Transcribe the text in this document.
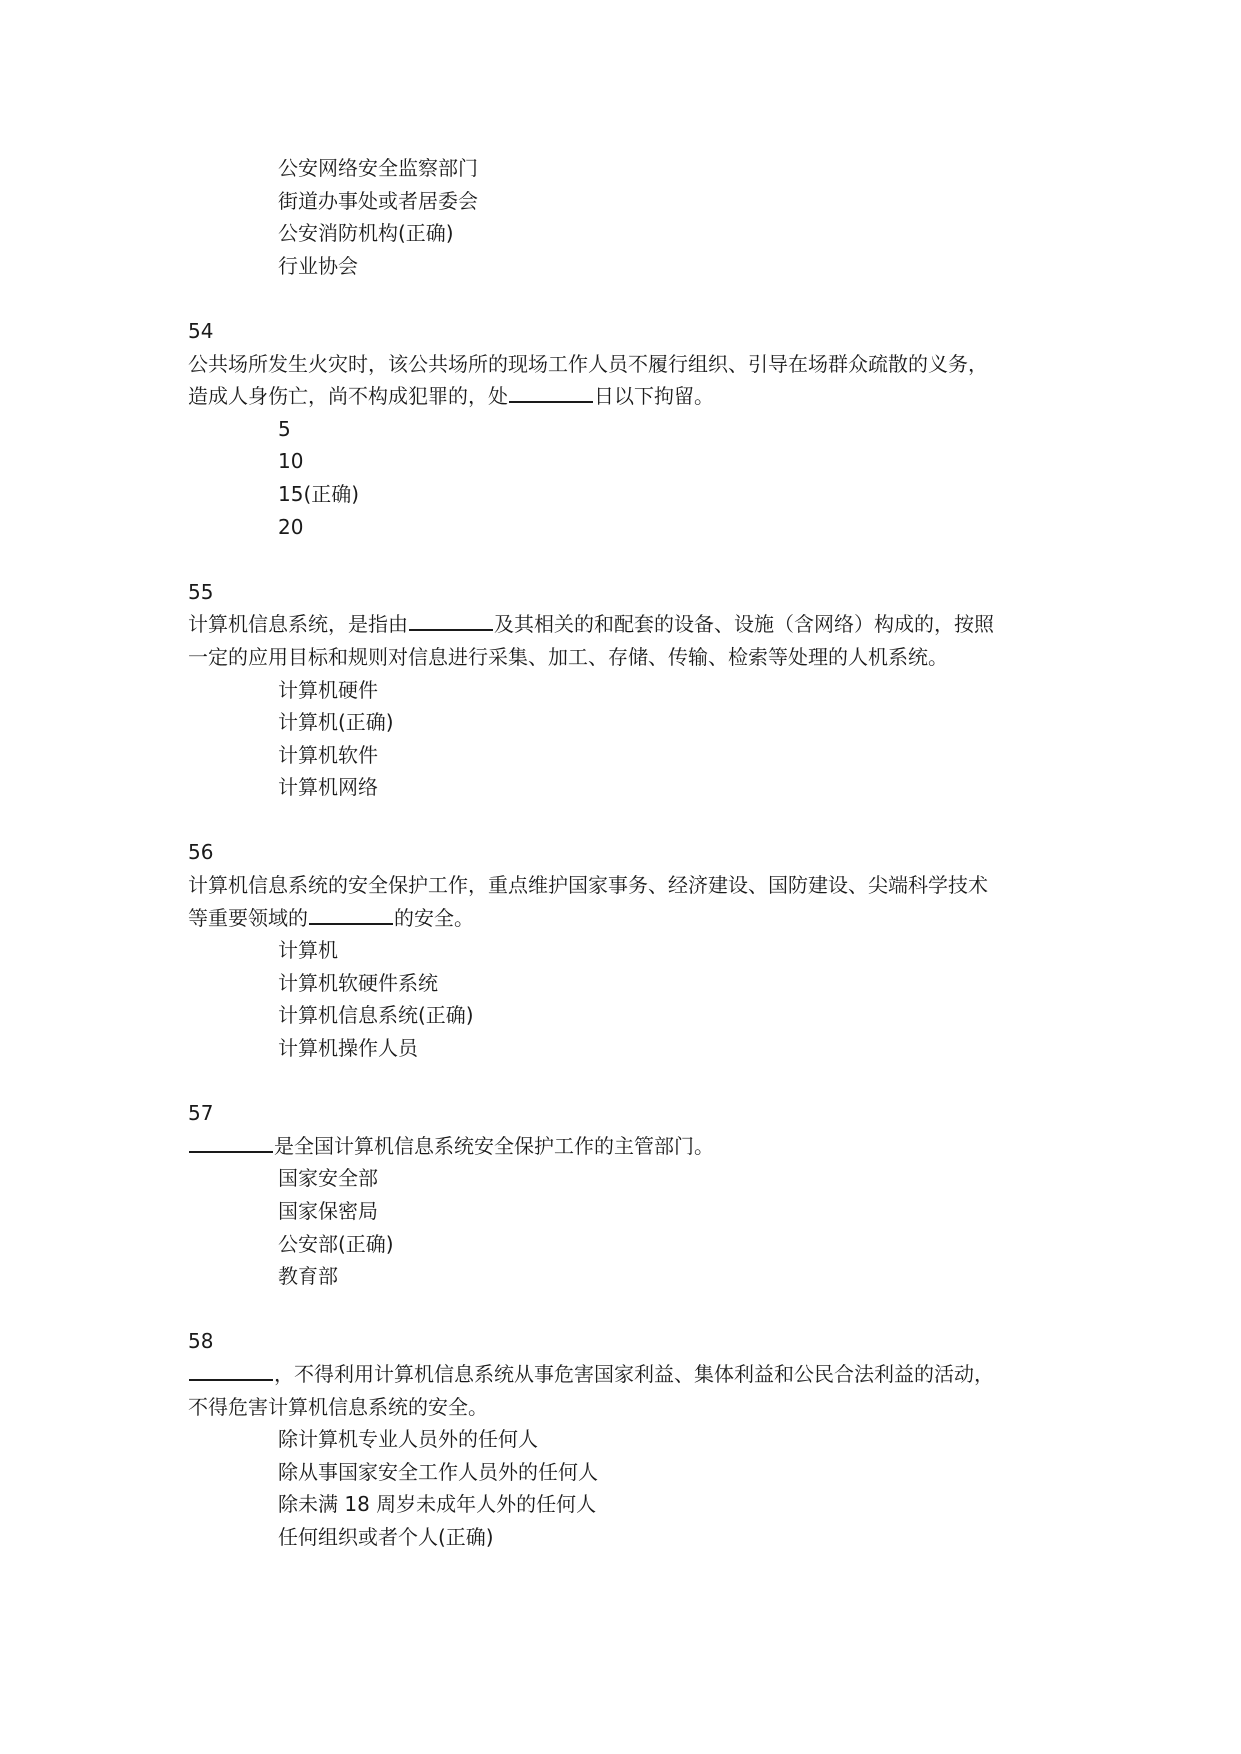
公安网络安全监察部门
街道办事处或者居委会
公安消防机构(正确)
行业协会
54
公共场所发生火灾时，该公共场所的现场工作人员不履行组织、引导在场群众疏散的义务，
造成人身伤亡，尚不构成犯罪的，处	日以下拘留。
5
10
15(正确)
20
55
计算机信息系统，是指由	及其相关的和配套的设备、设施（含网络）构成的，按照
一定的应用目标和规则对信息进行采集、加工、存储、传输、检索等处理的人机系统。
计算机硬件
计算机(正确)
计算机软件
计算机网络
56
计算机信息系统的安全保护工作，重点维护国家事务、经济建设、国防建设、尖端科学技术
等重要领域的	的安全。
计算机
计算机软硬件系统
计算机信息系统(正确)
计算机操作人员
57
是全国计算机信息系统安全保护工作的主管部门。
国家安全部
国家保密局
公安部(正确)
教育部
58
，不得利用计算机信息系统从事危害国家利益、集体利益和公民合法利益的活动，
不得危害计算机信息系统的安全。
除计算机专业人员外的任何人
除从事国家安全工作人员外的任何人
除未满 18 周岁未成年人外的任何人
任何组织或者个人(正确)
